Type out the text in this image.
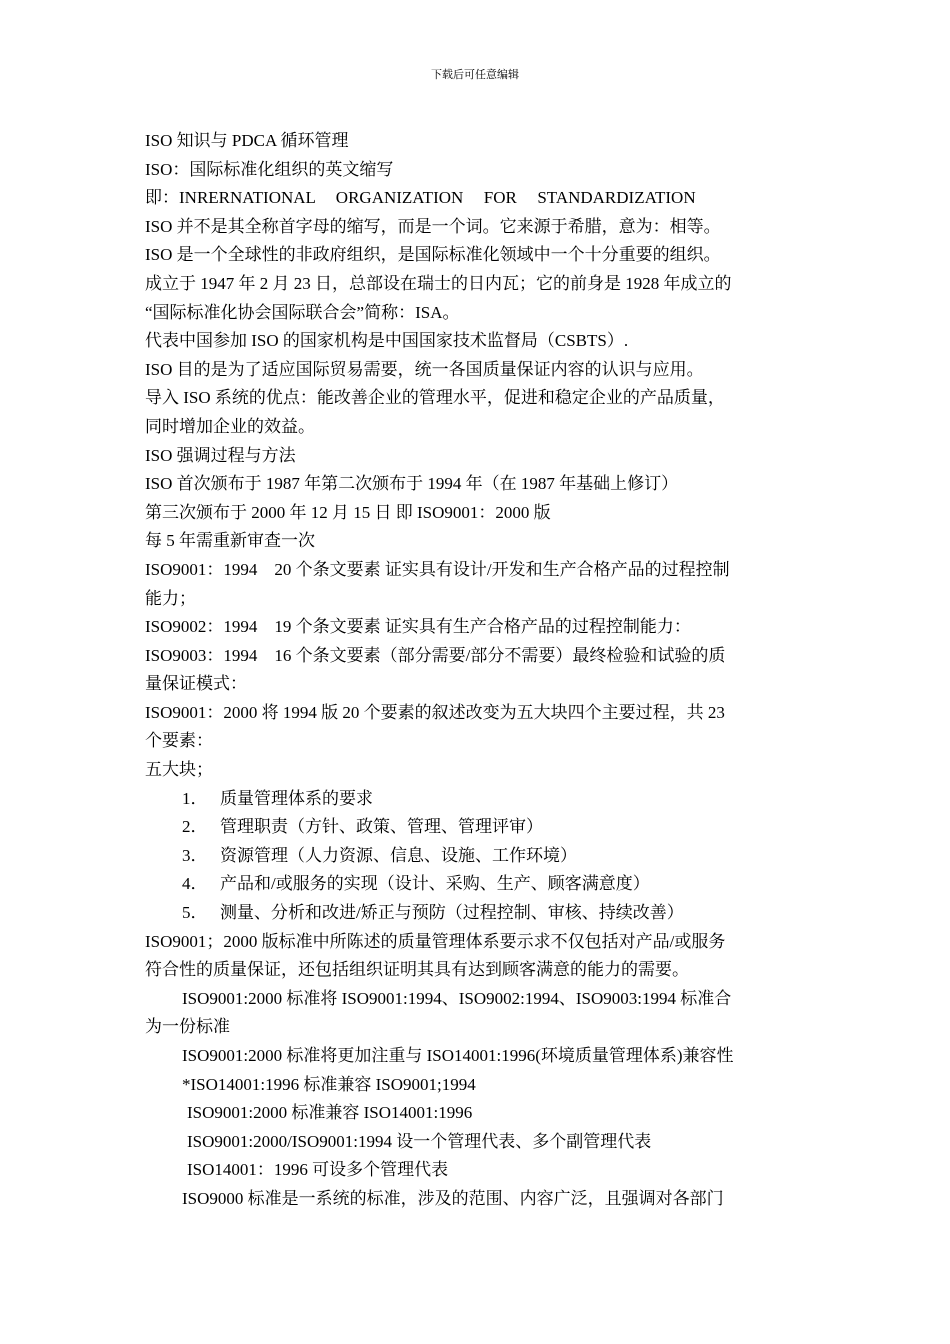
下载后可任意编辑

ISO 知识与 PDCA 循环管理

ISO：国际标准化组织的英文缩写

即：INRERNATIONAL  ORGANIZATION  FOR  STANDARDIZATION

ISO 并不是其全称首字母的缩写，而是一个词。它来源于希腊，意为：相等。

ISO 是一个全球性的非政府组织，是国际标准化领域中一个十分重要的组织。

成立于 1947 年 2 月 23 日，总部设在瑞士的日内瓦；它的前身是 1928 年成立的

“国际标准化协会国际联合会”简称：ISA。

代表中国参加 ISO 的国家机构是中国国家技术监督局（CSBTS）.

ISO 目的是为了适应国际贸易需要，统一各国质量保证内容的认识与应用。

导入 ISO 系统的优点：能改善企业的管理水平，促进和稳定企业的产品质量，

同时增加企业的效益。

ISO 强调过程与方法

ISO 首次颁布于 1987 年第二次颁布于 1994 年（在 1987 年基础上修订）

第三次颁布于 2000 年 12 月 15 日 即 ISO9001：2000 版

每 5 年需重新审查一次

ISO9001：1994    20 个条文要素 证实具有设计/开发和生产合格产品的过程控制

能力；

ISO9002：1994    19 个条文要素 证实具有生产合格产品的过程控制能力：

ISO9003：1994    16 个条文要素（部分需要/部分不需要）最终检验和试验的质

量保证模式：

ISO9001：2000 将 1994 版 20 个要素的叙述改变为五大块四个主要过程，共 23

个要素：

五大块；

1． 质量管理体系的要求
2． 管理职责（方针、政策、管理、管理评审）
3． 资源管理（人力资源、信息、设施、工作环境）
4． 产品和/或服务的实现（设计、采购、生产、顾客满意度）
5． 测量、分析和改进/矫正与预防（过程控制、审核、持续改善）

ISO9001；2000 版标准中所陈述的质量管理体系要示求不仅包括对产品/或服务

符合性的质量保证，还包括组织证明其具有达到顾客满意的能力的需要。

ISO9001:2000 标准将 ISO9001:1994、ISO9002:1994、ISO9003:1994 标准合

为一份标准

ISO9001:2000 标准将更加注重与 ISO14001:1996(环境质量管理体系)兼容性

*ISO14001:1996 标准兼容 ISO9001;1994

ISO9001:2000 标准兼容 ISO14001:1996

ISO9001:2000/ISO9001:1994 设一个管理代表、多个副管理代表

ISO14001：1996 可设多个管理代表

ISO9000 标准是一系统的标准，涉及的范围、内容广泛，且强调对各部门
